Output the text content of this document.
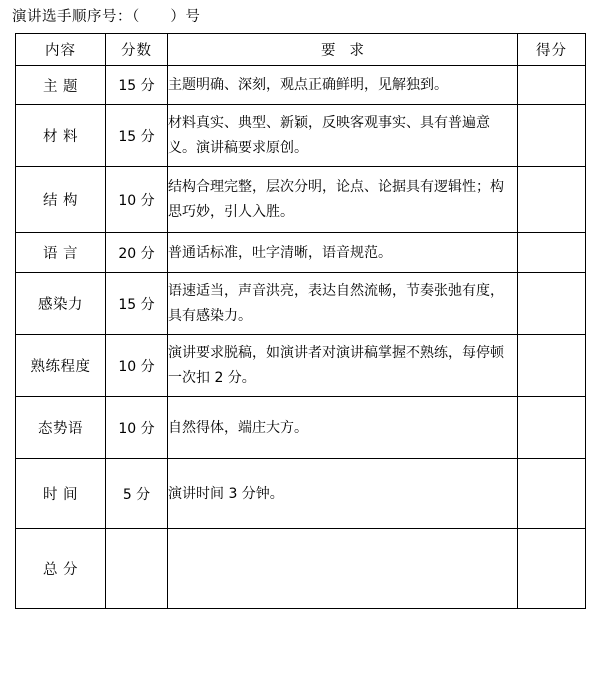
演讲选手顺序号：（      ）号
内容	分数	要求	得分
主 题	15 分	主题明确、深刻，观点正确鲜明，见解独到。	
材 料	15 分	材料真实、典型、新颖，反映客观事实、具有普遍意义。演讲稿要求原创。	
结 构	10 分	结构合理完整，层次分明，论点、论据具有逻辑性；构思巧妙，引人入胜。	
语 言	20 分	普通话标准，吐字清晰，语音规范。	
感染力	15 分	语速适当，声音洪亮，表达自然流畅，节奏张弛有度，具有感染力。	
熟练程度	10 分	演讲要求脱稿，如演讲者对演讲稿掌握不熟练，每停顿一次扣 2 分。	
态势语	10 分	自然得体，端庄大方。	
时 间	5 分	演讲时间 3 分钟。	
总 分			
